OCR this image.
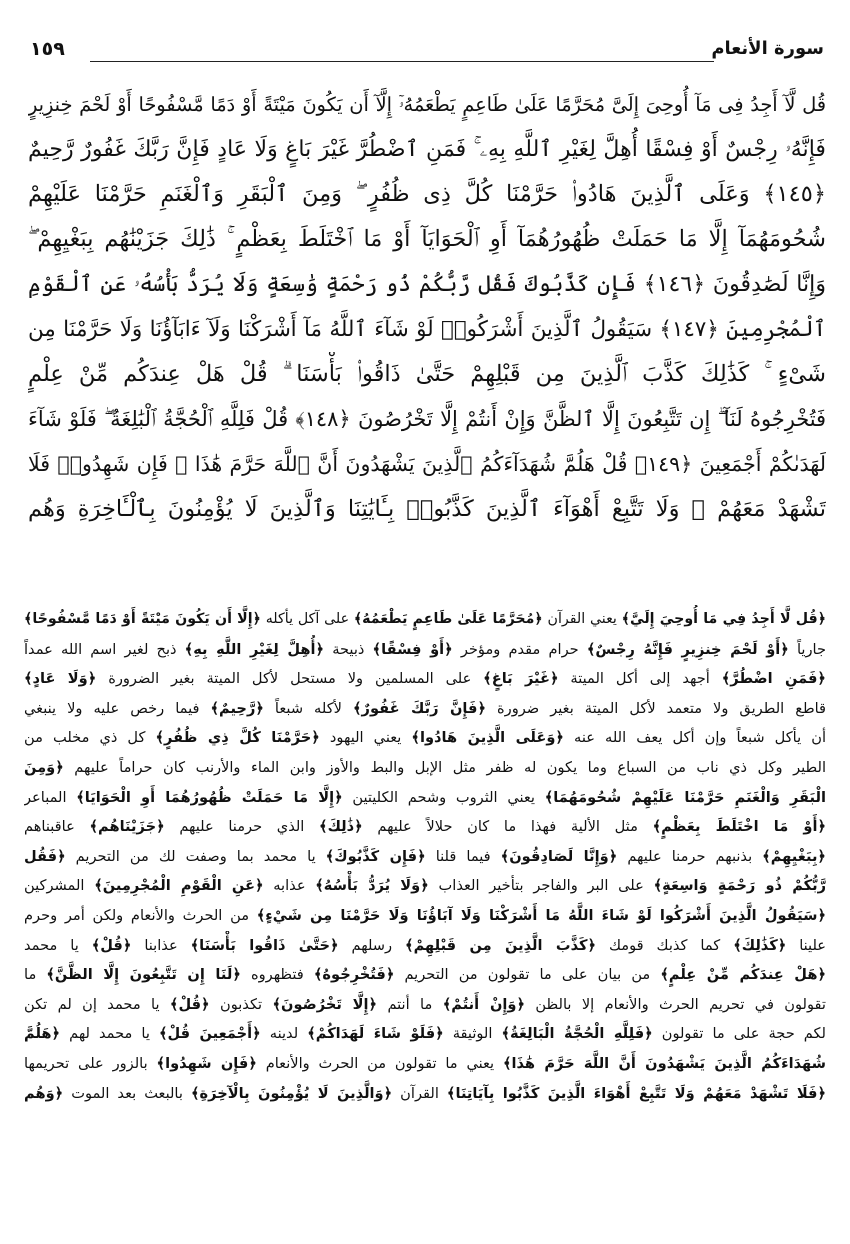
١٥٩	سورة الأنعام
قُل لَّآ أَجِدُ فِى مَآ أُوحِىَ إِلَىَّ مُحَرَّمًا عَلَىٰ طَاعِمٍ يَطْعَمُهُۥٓ إِلَّآ أَن يَكُونَ مَيْتَةً أَوْ دَمًا مَّسْفُوحًا أَوْ لَحْمَ خِنزِيرٍ
فَإِنَّهُۥ رِجْسٌ أَوْ فِسْقًا أُهِلَّ لِغَيْرِ ٱللَّهِ بِهِۦ ۚ فَمَنِ ٱضْطُرَّ غَيْرَ بَاغٍ وَلَا عَادٍ فَإِنَّ رَبَّكَ غَفُورٌ رَّحِيمٌ
﴿١٤٥﴾ وَعَلَى ٱلَّذِينَ هَادُوا۟ حَرَّمْنَا كُلَّ ذِى ظُفُرٍ ۖ وَمِنَ ٱلْبَقَرِ وَٱلْغَنَمِ حَرَّمْنَا عَلَيْهِمْ
شُحُومَهُمَآ إِلَّا مَا حَمَلَتْ ظُهُورُهُمَآ أَوِ ٱلْحَوَايَآ أَوْ مَا ٱخْتَلَطَ بِعَظْمٍ ۚ ذَٰلِكَ جَزَيْنَٰهُم بِبَغْيِهِمْ ۖ
وَإِنَّا لَصَٰدِقُونَ ﴿١٤٦﴾ فَإِن كَذَّبُوكَ فَقُل رَّبُّكُمْ ذُو رَحْمَةٍ وَٰسِعَةٍ وَلَا يُرَدُّ بَأْسُهُۥ عَنِ ٱلْقَوْمِ
ٱلْمُجْرِمِينَ ﴿١٤٧﴾ سَيَقُولُ ٱلَّذِينَ أَشْرَكُوا۟ لَوْ شَآءَ ٱللَّهُ مَآ أَشْرَكْنَا وَلَآ ءَابَآؤُنَا وَلَا حَرَّمْنَا مِن
شَىْءٍ ۚ كَذَٰلِكَ كَذَّبَ ٱلَّذِينَ مِن قَبْلِهِمْ حَتَّىٰ ذَاقُوا۟ بَأْسَنَا ۗ قُلْ هَلْ عِندَكُم مِّنْ عِلْمٍ
فَتُخْرِجُوهُ لَنَآ ۖ إِن تَتَّبِعُونَ إِلَّا ٱلظَّنَّ وَإِنْ أَنتُمْ إِلَّا تَخْرُصُونَ ﴿١٤٨﴾ قُلْ فَلِلَّهِ ٱلْحُجَّةُ ٱلْبَٰلِغَةُ ۖ فَلَوْ شَآءَ
لَهَدَىٰكُمْ أَجْمَعِينَ ﴿١٤٩﴾ قُلْ هَلُمَّ شُهَدَآءَكُمُ ٱلَّذِينَ يَشْهَدُونَ أَنَّ ٱللَّهَ حَرَّمَ هَٰذَا ۖ فَإِن شَهِدُوا۟ فَلَا
تَشْهَدْ مَعَهُمْ ۚ وَلَا تَتَّبِعْ أَهْوَآءَ ٱلَّذِينَ كَذَّبُوا۟ بِـَٔايَٰتِنَا وَٱلَّذِينَ لَا يُؤْمِنُونَ بِٱلْـَٔاخِرَةِ وَهُم
﴿قُل لَّا أَجِدُ فِي مَا أُوحِيَ إِلَيَّ﴾ يعني القرآن ﴿مُحَرَّمًا عَلَىٰ طَاعِمٍ يَطْعَمُهُ﴾ على آكل يأكله ﴿إِلَّا أَن يَكُونَ مَيْتَةً أَوْ دَمًا مَّسْفُوحًا﴾
جارياً ﴿أَوْ لَحْمَ خِنزِيرٍ فَإِنَّهُ رِجْسٌ﴾ حرام مقدم ومؤخر ﴿أَوْ فِسْقًا﴾ ذبيحة ﴿أُهِلَّ لِغَيْرِ اللَّهِ بِهِ﴾ ذبح لغير اسم الله عمداً
﴿فَمَنِ اضْطُرَّ﴾ أجهد إلى أكل الميتة ﴿غَيْرَ بَاغٍ﴾ على المسلمين ولا مستحل لأكل الميتة بغير الضرورة ﴿وَلَا عَادٍ﴾
قاطع الطريق ولا متعمد لأكل الميتة بغير ضرورة ﴿فَإِنَّ رَبَّكَ غَفُورٌ﴾ لأكله شبعاً ﴿رَّحِيمٌ﴾ فيما رخص عليه ولا ينبغي
أن يأكل شبعاً وإن أكل يعف الله عنه ﴿وَعَلَى الَّذِينَ هَادُوا﴾ يعني اليهود ﴿حَرَّمْنَا كُلَّ ذِي ظُفُرٍ﴾ كل ذي مخلب من
الطير وكل ذي ناب من السباع وما يكون له ظفر مثل الإبل والبط والأوز وابن الماء والأرنب كان حراماً عليهم ﴿وَمِنَ
الْبَقَرِ وَالْغَنَمِ حَرَّمْنَا عَلَيْهِمْ شُحُومَهُمَا﴾ يعني الثروب وشحم الكليتين ﴿إِلَّا مَا حَمَلَتْ ظُهُورُهُمَا أَوِ الْحَوَايَا﴾ المباعر
﴿أَوْ مَا اخْتَلَطَ بِعَظْمٍ﴾ مثل الألية فهذا ما كان حلالاً عليهم ﴿ذَٰلِكَ﴾ الذي حرمنا عليهم ﴿جَزَيْنَاهُم﴾ عاقبناهم
﴿بِبَغْيِهِمْ﴾ بذنبهم حرمنا عليهم ﴿وَإِنَّا لَصَادِقُونَ﴾ فيما قلنا ﴿فَإِن كَذَّبُوكَ﴾ يا محمد بما وصفت لك من التحريم ﴿فَقُل
رَّبُّكُمْ ذُو رَحْمَةٍ وَاسِعَةٍ﴾ على البر والفاجر بتأخير العذاب ﴿وَلَا يُرَدُّ بَأْسُهُ﴾ عذابه ﴿عَنِ الْقَوْمِ الْمُجْرِمِينَ﴾ المشركين
﴿سَيَقُولُ الَّذِينَ أَشْرَكُوا لَوْ شَاءَ اللَّهُ مَا أَشْرَكْنَا وَلَا آبَاؤُنَا وَلَا حَرَّمْنَا مِن شَيْءٍ﴾ من الحرث والأنعام ولكن أمر وحرم
علينا ﴿كَذَٰلِكَ﴾ كما كذبك قومك ﴿كَذَّبَ الَّذِينَ مِن قَبْلِهِمْ﴾ رسلهم ﴿حَتَّىٰ ذَاقُوا بَأْسَنَا﴾ عذابنا ﴿قُلْ﴾ يا محمد
﴿هَلْ عِندَكُم مِّنْ عِلْمٍ﴾ من بيان على ما تقولون من التحريم ﴿فَتُخْرِجُوهُ﴾ فتظهروه ﴿لَنَا إِن تَتَّبِعُونَ إِلَّا الظَّنَّ﴾ ما
تقولون في تحريم الحرث والأنعام إلا بالظن ﴿وَإِنْ أَنتُمْ﴾ ما أنتم ﴿إِلَّا تَخْرُصُونَ﴾ تكذبون ﴿قُلْ﴾ يا محمد إن لم تكن
لكم حجة على ما تقولون ﴿فَلِلَّهِ الْحُجَّةُ الْبَالِغَةُ﴾ الوثيقة ﴿فَلَوْ شَاءَ لَهَدَاكُمْ﴾ لدينه ﴿أَجْمَعِينَ قُلْ﴾ يا محمد لهم ﴿هَلُمَّ
شُهَدَاءَكُمُ الَّذِينَ يَشْهَدُونَ أَنَّ اللَّهَ حَرَّمَ هَٰذَا﴾ يعني ما تقولون من الحرث والأنعام ﴿فَإِن شَهِدُوا﴾ بالزور على تحريمها
﴿فَلَا تَشْهَدْ مَعَهُمْ وَلَا تَتَّبِعْ أَهْوَاءَ الَّذِينَ كَذَّبُوا بِآيَاتِنَا﴾ القرآن ﴿وَالَّذِينَ لَا يُؤْمِنُونَ بِالْآخِرَةِ﴾ بالبعث بعد الموت ﴿وَهُم
